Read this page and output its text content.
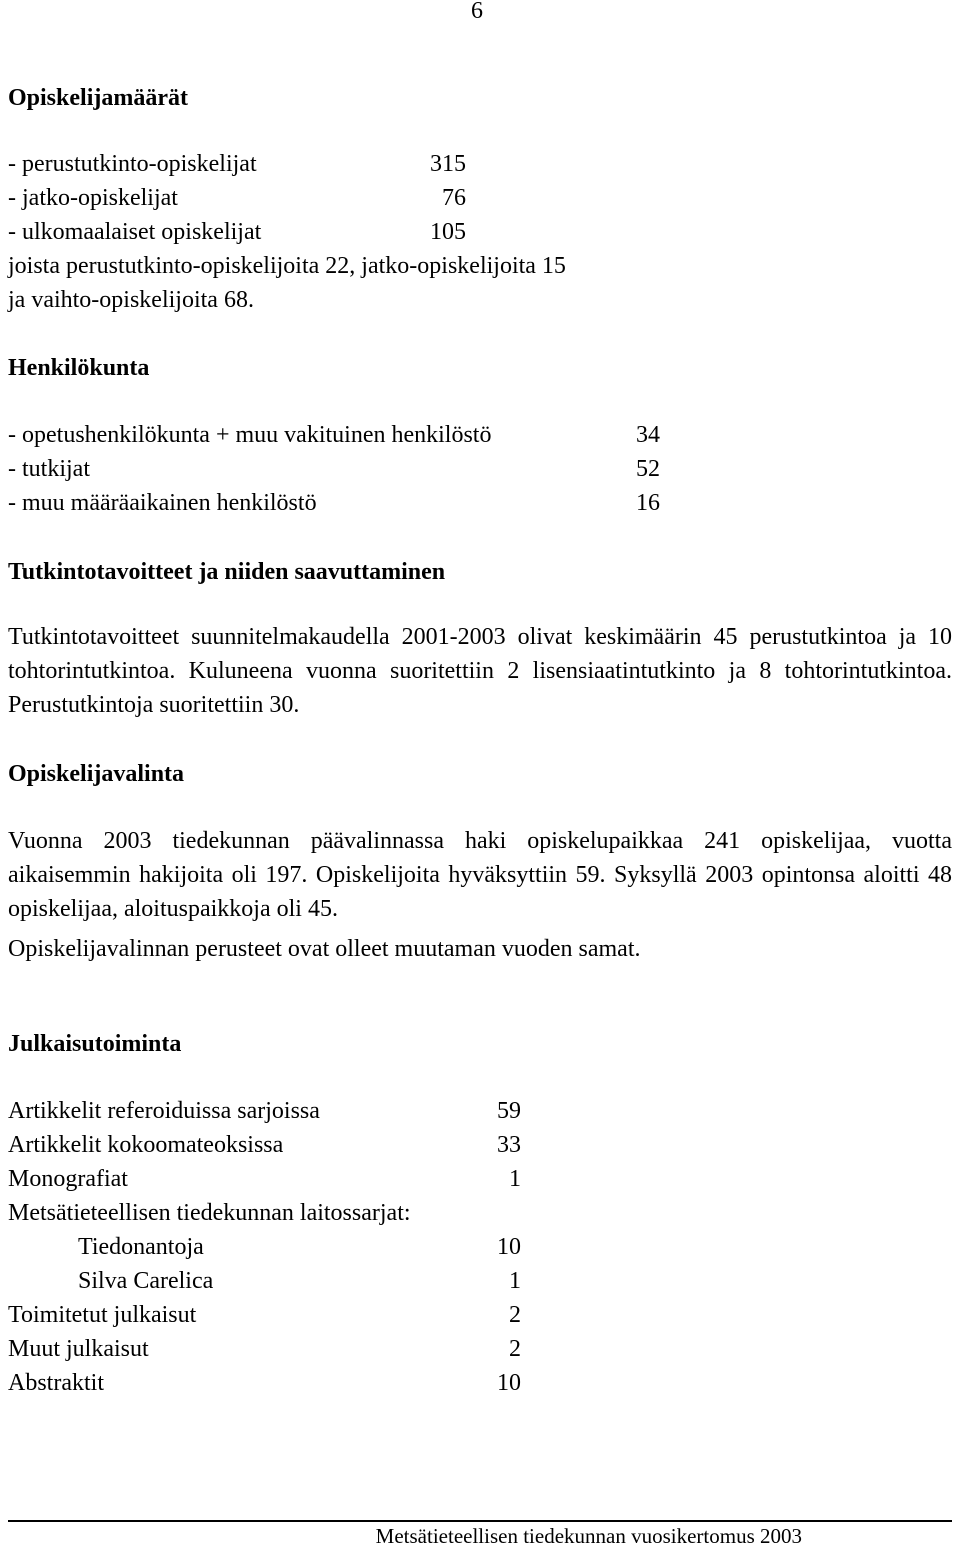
6
Opiskelijamäärät
- perustutkinto-opiskelijat	315
- jatko-opiskelijat	76
- ulkomaalaiset opiskelijat	105
joista perustutkinto-opiskelijoita 22, jatko-opiskelijoita 15
ja vaihto-opiskelijoita 68.
Henkilökunta
- opetushenkilökunta + muu vakituinen henkilöstö	34
- tutkijat	52
- muu määräaikainen henkilöstö	16
Tutkintotavoitteet ja niiden saavuttaminen

Tutkintotavoitteet suunnitelmakaudella 2001-2003 olivat keskimäärin 45 perustutkintoa ja 10 tohtorintutkintoa. Kuluneena vuonna suoritettiin 2 lisensiaatintutkinto ja 8 tohtorintutkintoa. Perustutkintoja suoritettiin 30.

Opiskelijavalinta

Vuonna 2003 tiedekunnan päävalinnassa haki opiskelupaikkaa 241 opiskelijaa, vuotta aikaisemmin hakijoita oli 197. Opiskelijoita hyväksyttiin 59. Syksyllä 2003 opintonsa aloitti 48 opiskelijaa, aloituspaikkoja oli 45.

Opiskelijavalinnan perusteet ovat olleet muutaman vuoden samat.

Julkaisutoiminta
Artikkelit referoiduissa sarjoissa	59
Artikkelit kokoomateoksissa	33
Monografiat	1
Metsätieteellisen tiedekunnan laitossarjat:
Tiedonantoja	10
Silva Carelica	1
Toimitetut julkaisut	2
Muut julkaisut	2
Abstraktit	10
Metsätieteellisen tiedekunnan vuosikertomus 2003
